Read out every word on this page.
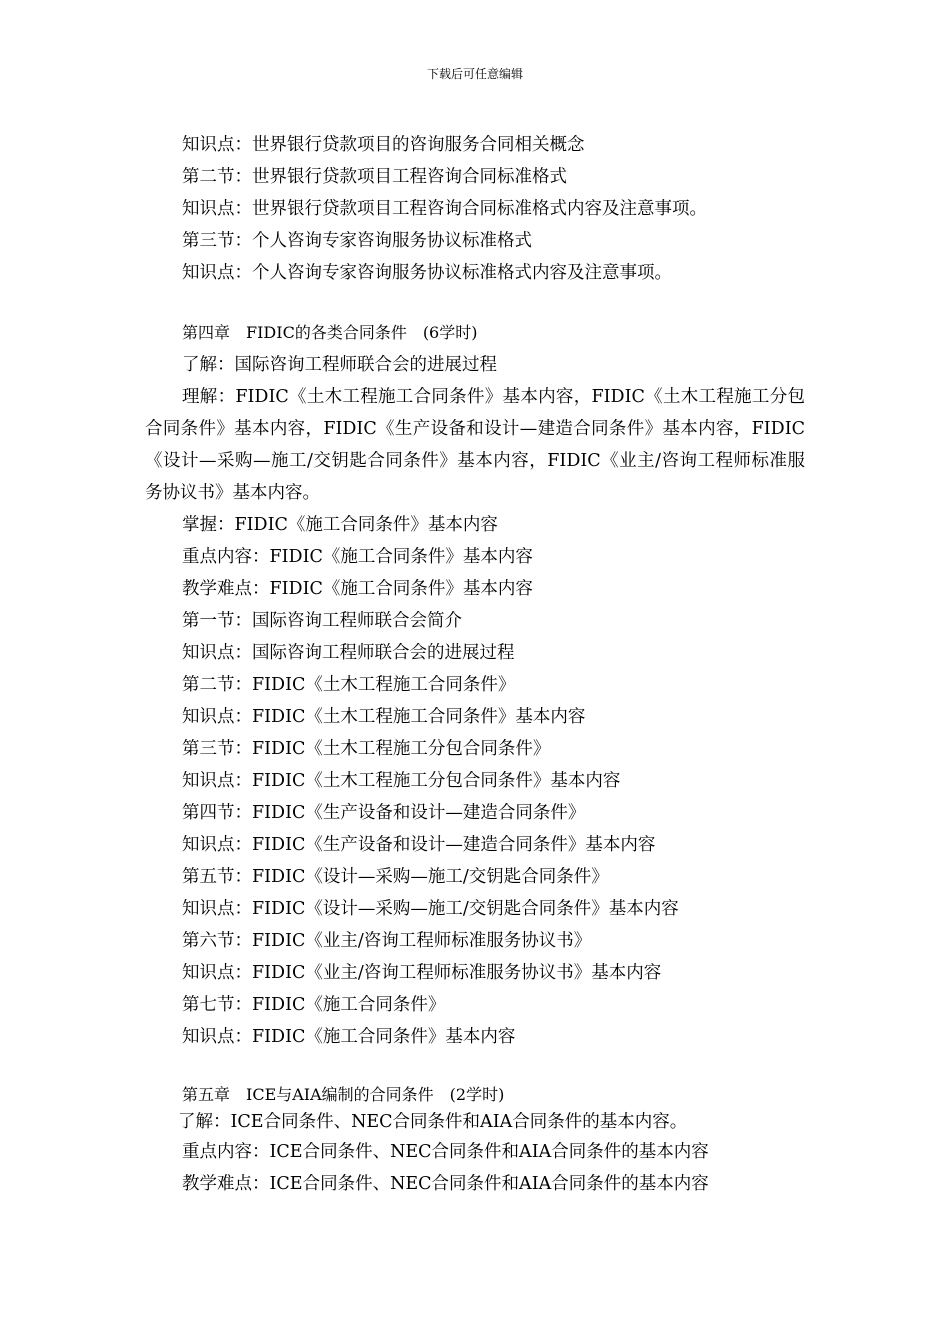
下载后可任意编辑
知识点：世界银行贷款项目的咨询服务合同相关概念
第二节：世界银行贷款项目工程咨询合同标准格式
知识点：世界银行贷款项目工程咨询合同标准格式内容及注意事项。
第三节：个人咨询专家咨询服务协议标准格式
知识点：个人咨询专家咨询服务协议标准格式内容及注意事项。
第四章　FIDIC的各类合同条件　(6学时)
了解：国际咨询工程师联合会的进展过程
理解：FIDIC《土木工程施工合同条件》基本内容，FIDIC《土木工程施工分包合同条件》基本内容，FIDIC《生产设备和设计—建造合同条件》基本内容，FIDIC《设计—采购—施工/交钥匙合同条件》基本内容，FIDIC《业主/咨询工程师标准服务协议书》基本内容。
掌握：FIDIC《施工合同条件》基本内容
重点内容：FIDIC《施工合同条件》基本内容
教学难点：FIDIC《施工合同条件》基本内容
第一节：国际咨询工程师联合会简介
知识点：国际咨询工程师联合会的进展过程
第二节：FIDIC《土木工程施工合同条件》
知识点：FIDIC《土木工程施工合同条件》基本内容
第三节：FIDIC《土木工程施工分包合同条件》
知识点：FIDIC《土木工程施工分包合同条件》基本内容
第四节：FIDIC《生产设备和设计—建造合同条件》
知识点：FIDIC《生产设备和设计—建造合同条件》基本内容
第五节：FIDIC《设计—采购—施工/交钥匙合同条件》
知识点：FIDIC《设计—采购—施工/交钥匙合同条件》基本内容
第六节：FIDIC《业主/咨询工程师标准服务协议书》
知识点：FIDIC《业主/咨询工程师标准服务协议书》基本内容
第七节：FIDIC《施工合同条件》
知识点：FIDIC《施工合同条件》基本内容
第五章　ICE与AIA编制的合同条件　(2学时)
了解：ICE合同条件、NEC合同条件和AIA合同条件的基本内容。
重点内容：ICE合同条件、NEC合同条件和AIA合同条件的基本内容
教学难点：ICE合同条件、NEC合同条件和AIA合同条件的基本内容
